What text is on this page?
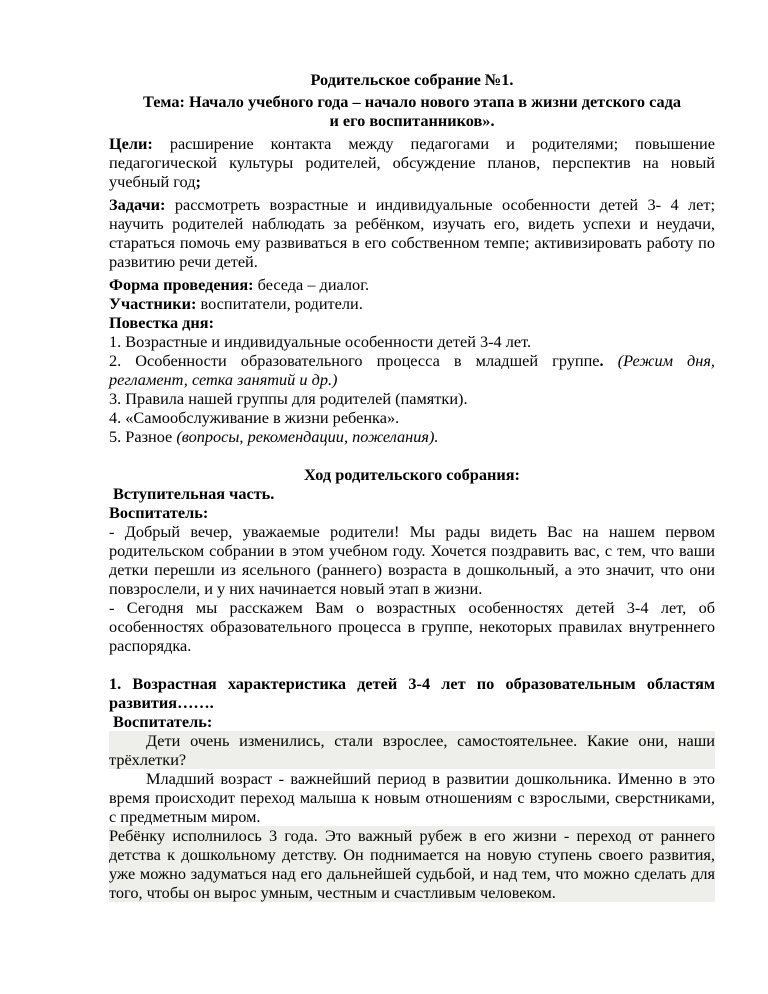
Родительское собрание №1.

Тема: Начало учебного года – начало нового этапа в жизни детского сада

и его воспитанников».

Цели: расширение контакта между педагогами и родителями; повышение педагогической культуры родителей, обсуждение планов, перспектив на новый учебный год;

Задачи: рассмотреть возрастные и индивидуальные особенности детей 3- 4 лет; научить родителей наблюдать за ребёнком, изучать его, видеть успехи и неудачи, стараться помочь ему развиваться в его собственном темпе; активизировать работу по развитию речи детей.

Форма проведения: беседа – диалог.

Участники: воспитатели, родители.

Повестка дня:

1. Возрастные и индивидуальные особенности детей 3-4 лет.

2. Особенности образовательного процесса в младшей группе. (Режим дня, регламент, сетка занятий и др.)

3. Правила нашей группы для родителей (памятки).

4. «Самообслуживание в жизни ребенка».

5. Разное (вопросы, рекомендации, пожелания).

Ход родительского собрания:

Вступительная часть.

Воспитатель:

- Добрый вечер, уважаемые родители! Мы рады видеть Вас на нашем первом родительском собрании в этом учебном году. Хочется поздравить вас, с тем, что ваши детки перешли из ясельного (раннего) возраста в дошкольный, а это значит, что они повзрослели, и у них начинается новый этап в жизни.

- Сегодня мы расскажем Вам о возрастных особенностях детей 3-4 лет, об особенностях образовательного процесса в группе, некоторых правилах внутреннего распорядка.

1. Возрастная характеристика детей 3-4 лет по образовательным областям развития…….

Воспитатель:

Дети очень изменились, стали взрослее, самостоятельнее. Какие они, наши трёхлетки?

Младший возраст - важнейший период в развитии дошкольника. Именно в это время происходит переход малыша к новым отношениям с взрослыми, сверстниками, с предметным миром.

Ребёнку исполнилось 3 года. Это важный рубеж в его жизни - переход от раннего детства к дошкольному детству. Он поднимается на новую ступень своего развития, уже можно задуматься над его дальнейшей судьбой, и над тем, что можно сделать для того, чтобы он вырос умным, честным и счастливым человеком.
